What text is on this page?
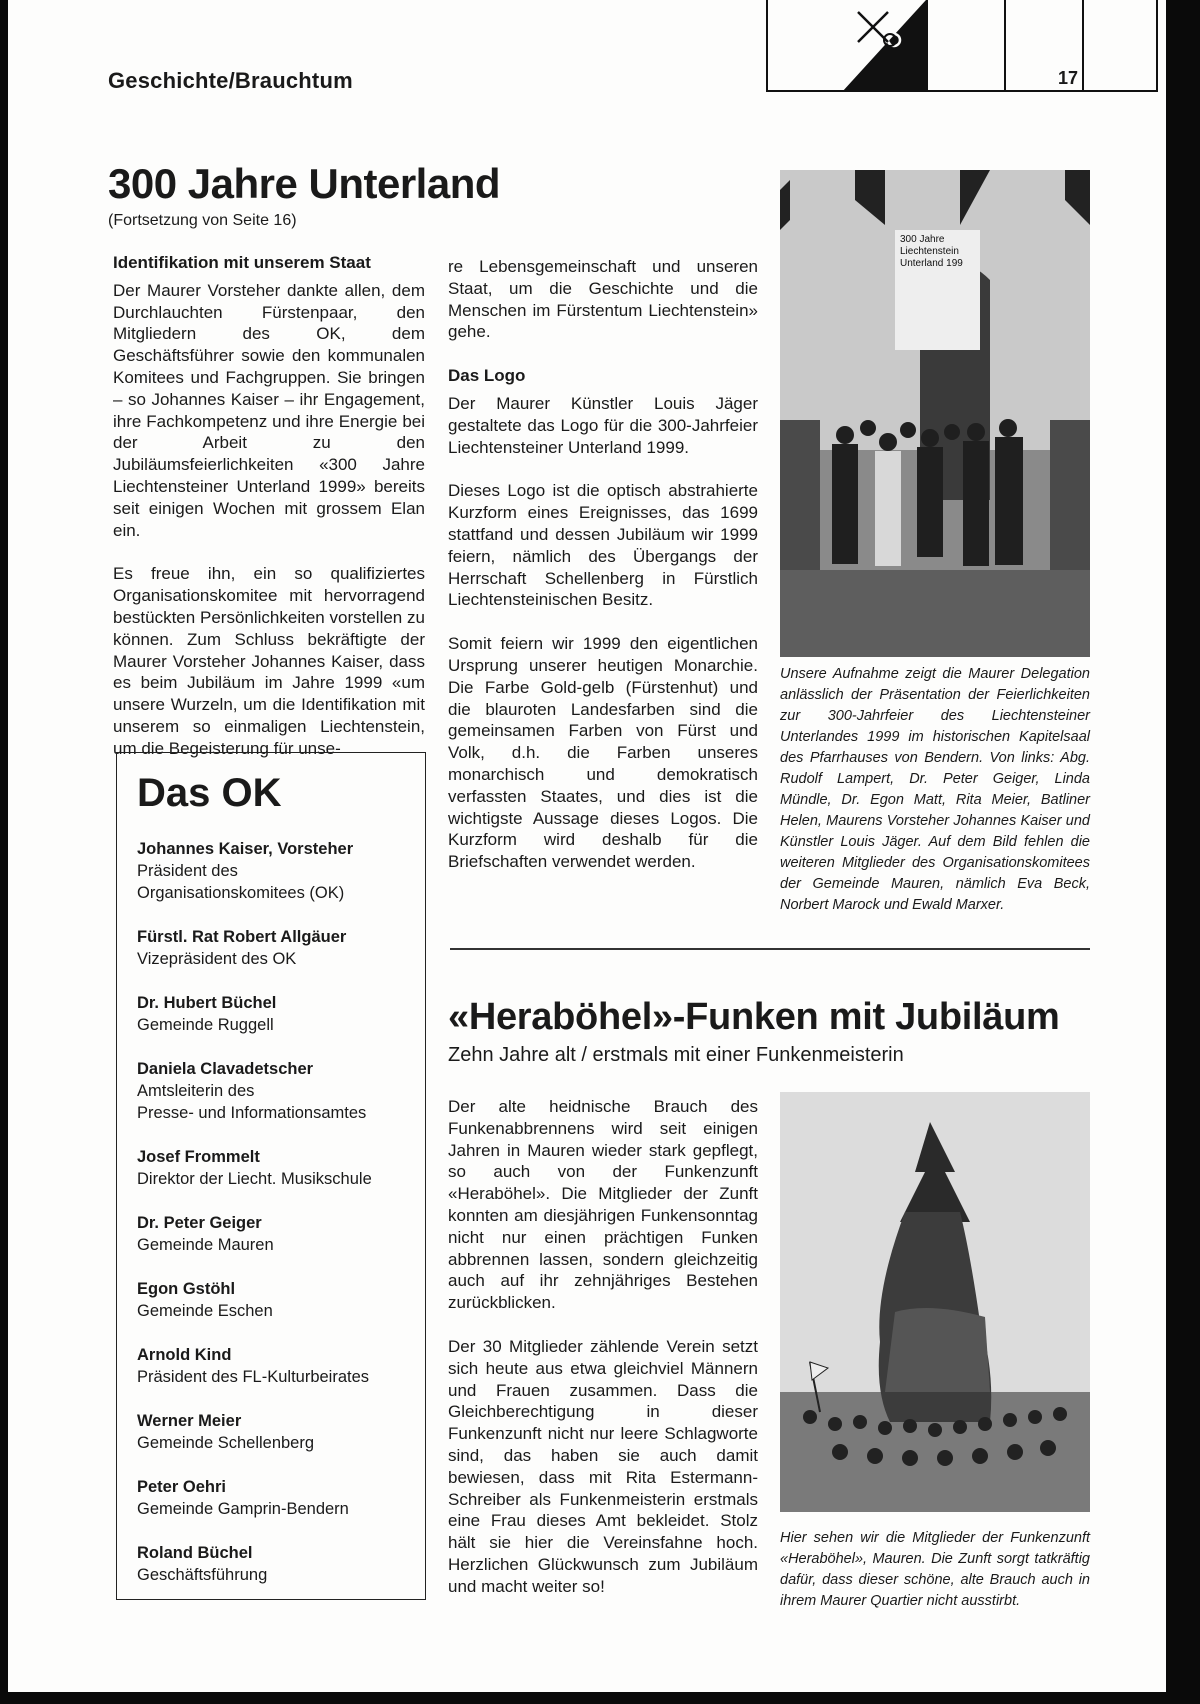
Geschichte/Brauchtum	17
300 Jahre Unterland
(Fortsetzung von Seite 16)
Identifikation mit unserem Staat

Der Maurer Vorsteher dankte allen, dem Durchlauchten Fürstenpaar, den Mitgliedern des OK, dem Geschäftsführer sowie den kommunalen Komitees und Fachgruppen. Sie bringen – so Johannes Kaiser – ihr Engagement, ihre Fachkompetenz und ihre Energie bei der Arbeit zu den Jubiläumsfeierlichkeiten «300 Jahre Liechtensteiner Unterland 1999» bereits seit einigen Wochen mit grossem Elan ein.

Es freue ihn, ein so qualifiziertes Organisationskomitee mit hervorragend bestückten Persönlichkeiten vorstellen zu können. Zum Schluss bekräftigte der Maurer Vorsteher Johannes Kaiser, dass es beim Jubiläum im Jahre 1999 «um unsere Wurzeln, um die Identifikation mit unserem so einmaligen Liechtenstein, um die Begeisterung für unse-

re Lebensgemeinschaft und unseren Staat, um die Geschichte und die Menschen im Fürstentum Liechtenstein» gehe.

Das Logo

Der Maurer Künstler Louis Jäger gestaltete das Logo für die 300-Jahrfeier Liechtensteiner Unterland 1999.

Dieses Logo ist die optisch abstrahierte Kurzform eines Ereignisses, das 1699 stattfand und dessen Jubiläum wir 1999 feiern, nämlich des Übergangs der Herrschaft Schellenberg in Fürstlich Liechtensteinischen Besitz.

Somit feiern wir 1999 den eigentlichen Ursprung unserer heutigen Monarchie. Die Farbe Gold-gelb (Fürstenhut) und die blauroten Landesfarben sind die gemeinsamen Farben von Fürst und Volk, d.h. die Farben unseres monarchisch und demokratisch verfassten Staates, und dies ist die wichtigste Aussage dieses Logos. Die Kurzform wird deshalb für die Briefschaften verwendet werden.

300 Jahre
Liechtenstein
Unterland 199
Unsere Aufnahme zeigt die Maurer Delegation anlässlich der Präsentation der Feierlichkeiten zur 300-Jahrfeier des Liechtensteiner Unterlandes 1999 im historischen Kapitelsaal des Pfarrhauses von Bendern. Von links: Abg. Rudolf Lampert, Dr. Peter Geiger, Linda Mündle, Dr. Egon Matt, Rita Meier, Batliner Helen, Maurens Vorsteher Johannes Kaiser und Künstler Louis Jäger. Auf dem Bild fehlen die weiteren Mitglieder des Organisationskomitees der Gemeinde Mauren, nämlich Eva Beck, Norbert Marock und Ewald Marxer.
Das OK
Johannes Kaiser, Vorsteher
Präsident des
Organisationskomitees (OK)
Fürstl. Rat Robert Allgäuer
Vizepräsident des OK
Dr. Hubert Büchel
Gemeinde Ruggell
Daniela Clavadetscher
Amtsleiterin des
Presse- und Informationsamtes
Josef Frommelt
Direktor der Liecht. Musikschule
Dr. Peter Geiger
Gemeinde Mauren
Egon Gstöhl
Gemeinde Eschen
Arnold Kind
Präsident des FL-Kulturbeirates
Werner Meier
Gemeinde Schellenberg
Peter Oehri
Gemeinde Gamprin-Bendern
Roland Büchel
Geschäftsführung
«Heraböhel»-Funken mit Jubiläum
Zehn Jahre alt / erstmals mit einer Funkenmeisterin

Der alte heidnische Brauch des Funkenabbrennens wird seit einigen Jahren in Mauren wieder stark gepflegt, so auch von der Funkenzunft «Heraböhel». Die Mitglieder der Zunft konnten am diesjährigen Funkensonntag nicht nur einen prächtigen Funken abbrennen lassen, sondern gleichzeitig auch auf ihr zehnjähriges Bestehen zurückblicken.

Der 30 Mitglieder zählende Verein setzt sich heute aus etwa gleichviel Männern und Frauen zusammen. Dass die Gleichberechtigung in dieser Funkenzunft nicht nur leere Schlagworte sind, das haben sie auch damit bewiesen, dass mit Rita Estermann-Schreiber als Funkenmeisterin erstmals eine Frau dieses Amt bekleidet. Stolz hält sie hier die Vereinsfahne hoch. Herzlichen Glückwunsch zum Jubiläum und macht weiter so!

Hier sehen wir die Mitglieder der Funkenzunft «Heraböhel», Mauren. Die Zunft sorgt tatkräftig dafür, dass dieser schöne, alte Brauch auch in ihrem Maurer Quartier nicht ausstirbt.
